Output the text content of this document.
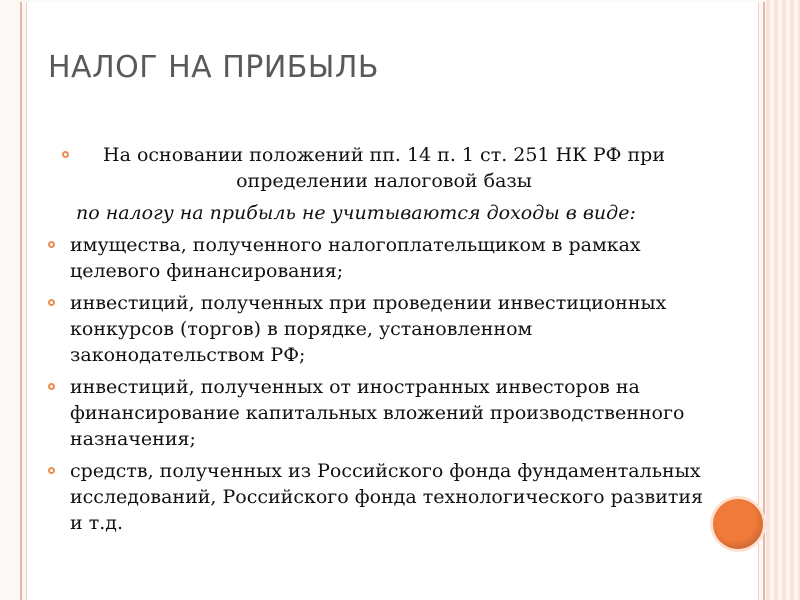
НАЛОГ НА ПРИБЫЛЬ

На основании положений пп. 14 п. 1 ст. 251 НК РФ при определении налоговой базы

по налогу на прибыль не учитываются доходы в виде:

имущества, полученного налогоплательщиком в рамках целевого финансирования;
инвестиций, полученных при проведении инвестиционных конкурсов (торгов) в порядке, установленном законодательством РФ;
инвестиций, полученных от иностранных инвесторов на финансирование капитальных вложений производственного назначения;
средств, полученных из Российского фонда фундаментальных исследований, Российского фонда технологического развития и т.д.
